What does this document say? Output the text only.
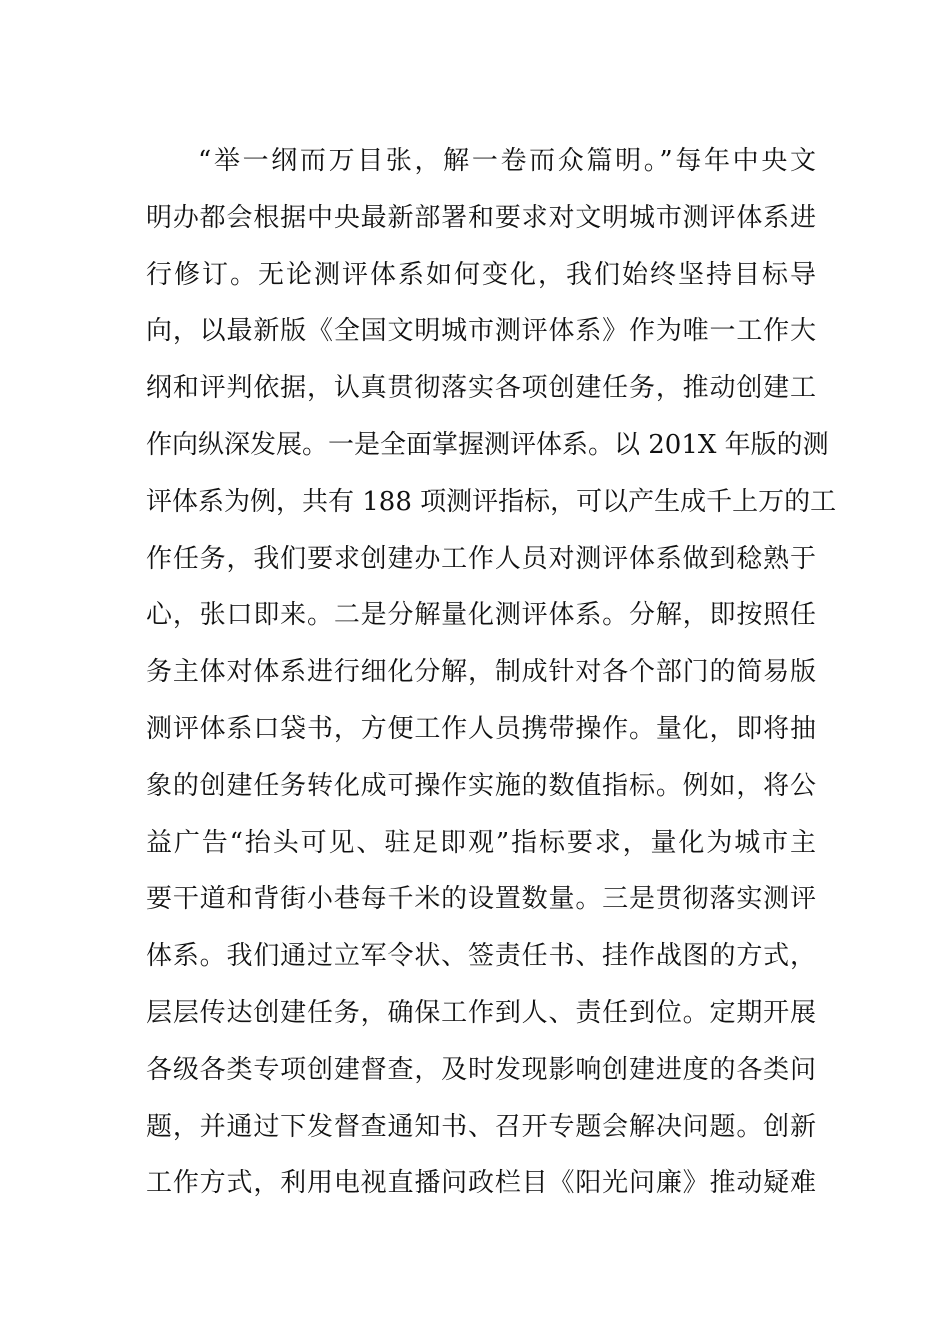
“举一纲而万目张，解一卷而众篇明。”每年中央文
明办都会根据中央最新部署和要求对文明城市测评体系进
行修订。无论测评体系如何变化，我们始终坚持目标导
向，以最新版《全国文明城市测评体系》作为唯一工作大
纲和评判依据，认真贯彻落实各项创建任务，推动创建工
作向纵深发展。一是全面掌握测评体系。以 201X 年版的测
评体系为例，共有 188 项测评指标，可以产生成千上万的工
作任务，我们要求创建办工作人员对测评体系做到稔熟于
心，张口即来。二是分解量化测评体系。分解，即按照任
务主体对体系进行细化分解，制成针对各个部门的简易版
测评体系口袋书，方便工作人员携带操作。量化，即将抽
象的创建任务转化成可操作实施的数值指标。例如，将公
益广告“抬头可见、驻足即观”指标要求，量化为城市主
要干道和背街小巷每千米的设置数量。三是贯彻落实测评
体系。我们通过立军令状、签责任书、挂作战图的方式，
层层传达创建任务，确保工作到人、责任到位。定期开展
各级各类专项创建督查，及时发现影响创建进度的各类问
题，并通过下发督查通知书、召开专题会解决问题。创新
工作方式，利用电视直播问政栏目《阳光问廉》推动疑难
